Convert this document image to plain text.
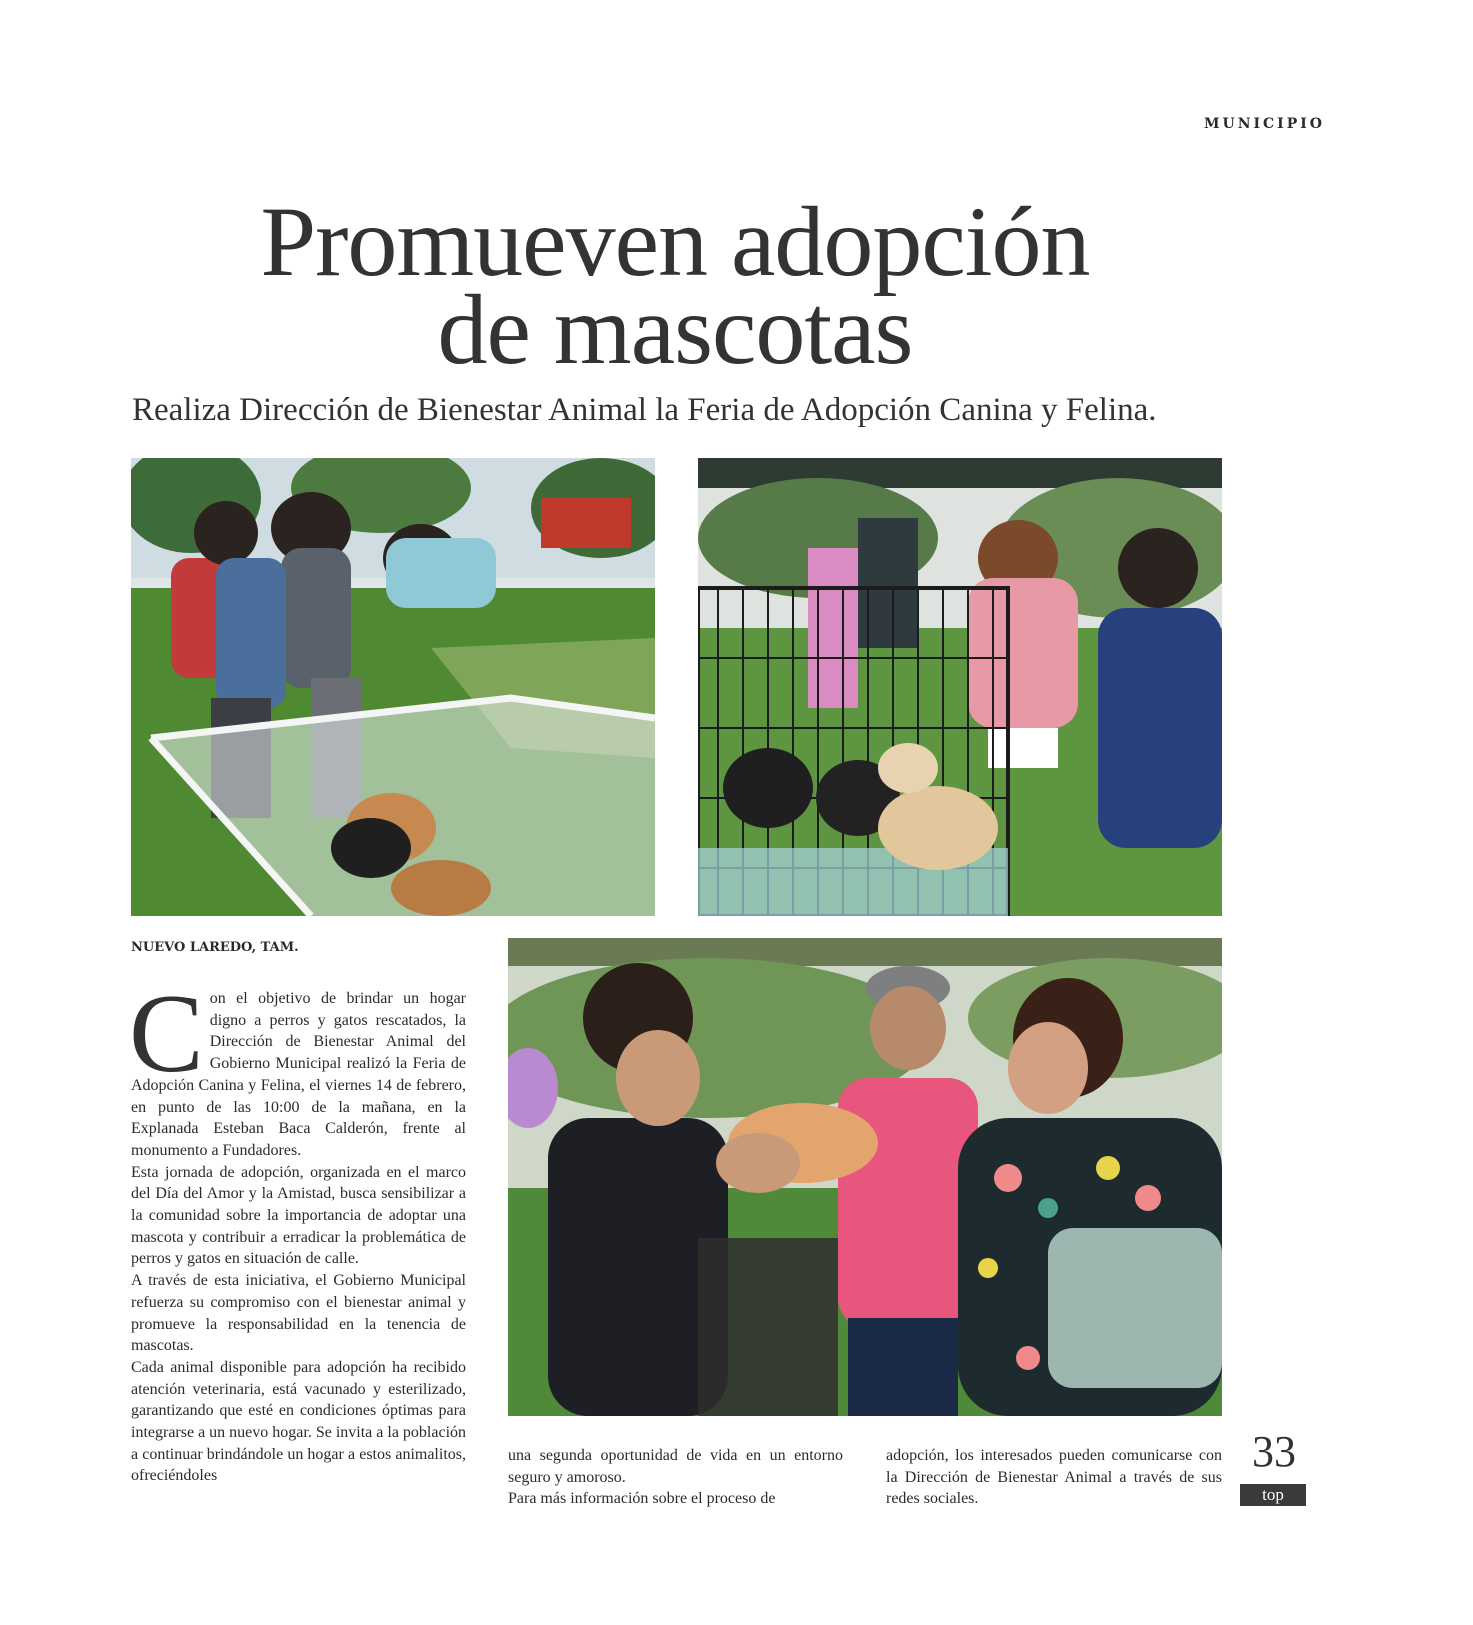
MUNICIPIO
Promueven adopción
de mascotas
Realiza Dirección de Bienestar Animal la Feria de Adopción Canina y Felina.
NUEVO LAREDO, TAM.
C on el objetivo de brindar un hogar digno a perros y gatos rescatados, la Dirección de Bienestar Animal del Gobierno Municipal realizó la Feria de Adopción Canina y Felina, el viernes 14 de febrero, en punto de las 10:00 de la mañana, en la Explanada Esteban Baca Calderón, frente al monumento a Fundadores.

Esta jornada de adopción, organizada en el marco del Día del Amor y la Amistad, busca sensibilizar a la comunidad sobre la importancia de adoptar una mascota y contribuir a erradicar la problemática de perros y gatos en situación de calle.

A través de esta iniciativa, el Gobierno Municipal refuerza su compromiso con el bienestar animal y promueve la responsabilidad en la tenencia de mascotas.

Cada animal disponible para adopción ha recibido atención veterinaria, está vacunado y esterilizado, garantizando que esté en condiciones óptimas para integrarse a un nuevo hogar. Se invita a la población a continuar brindándole un hogar a estos animalitos, ofreciéndoles

una segunda oportunidad de vida en un entorno seguro y amoroso.

Para más información sobre el proceso de

adopción, los interesados pueden comunicarse con la Dirección de Bienestar Animal a través de sus redes sociales.

33
top
